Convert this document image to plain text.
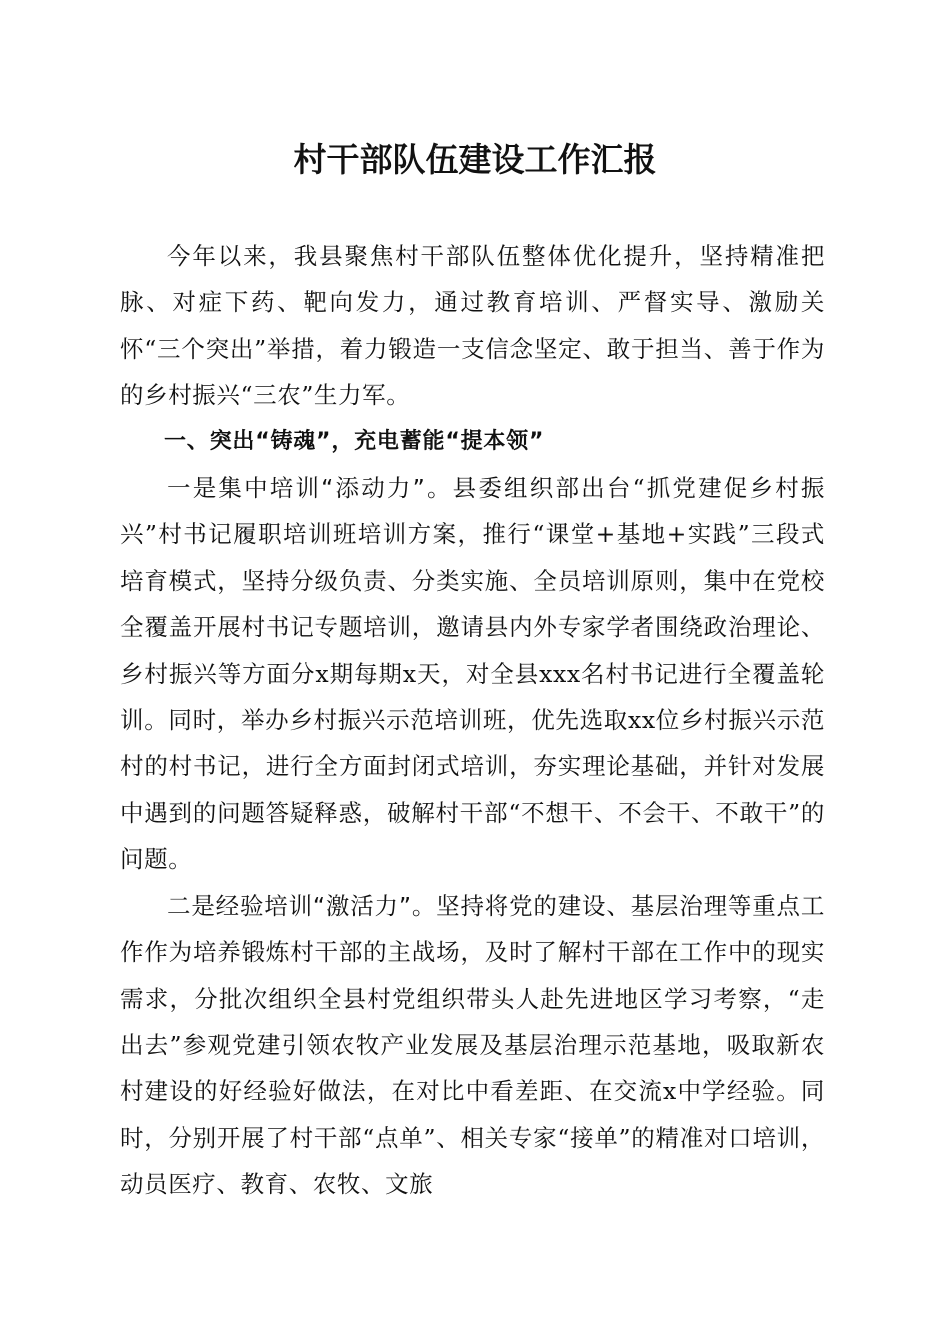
村干部队伍建设工作汇报

今年以来，我县聚焦村干部队伍整体优化提升，坚持精准把脉、对症下药、靶向发力，通过教育培训、严督实导、激励关怀“三个突出”举措，着力锻造一支信念坚定、敢于担当、善于作为的乡村振兴“三农”生力军。

一、突出“铸魂”，充电蓄能“提本领”

一是集中培训“添动力”。县委组织部出台“抓党建促乡村振兴”村书记履职培训班培训方案，推行“课堂+基地+实践”三段式培育模式，坚持分级负责、分类实施、全员培训原则，集中在党校全覆盖开展村书记专题培训，邀请县内外专家学者围绕政治理论、乡村振兴等方面分x期每期x天，对全县xxx名村书记进行全覆盖轮训。同时，举办乡村振兴示范培训班，优先选取xx位乡村振兴示范村的村书记，进行全方面封闭式培训，夯实理论基础，并针对发展中遇到的问题答疑释惑，破解村干部“不想干、不会干、不敢干”的问题。

二是经验培训“激活力”。坚持将党的建设、基层治理等重点工作作为培养锻炼村干部的主战场，及时了解村干部在工作中的现实需求，分批次组织全县村党组织带头人赴先进地区学习考察，“走出去”参观党建引领农牧产业发展及基层治理示范基地，吸取新农村建设的好经验好做法，在对比中看差距、在交流x中学经验。同时，分别开展了村干部“点单”、相关专家“接单”的精准对口培训，动员医疗、教育、农牧、文旅
